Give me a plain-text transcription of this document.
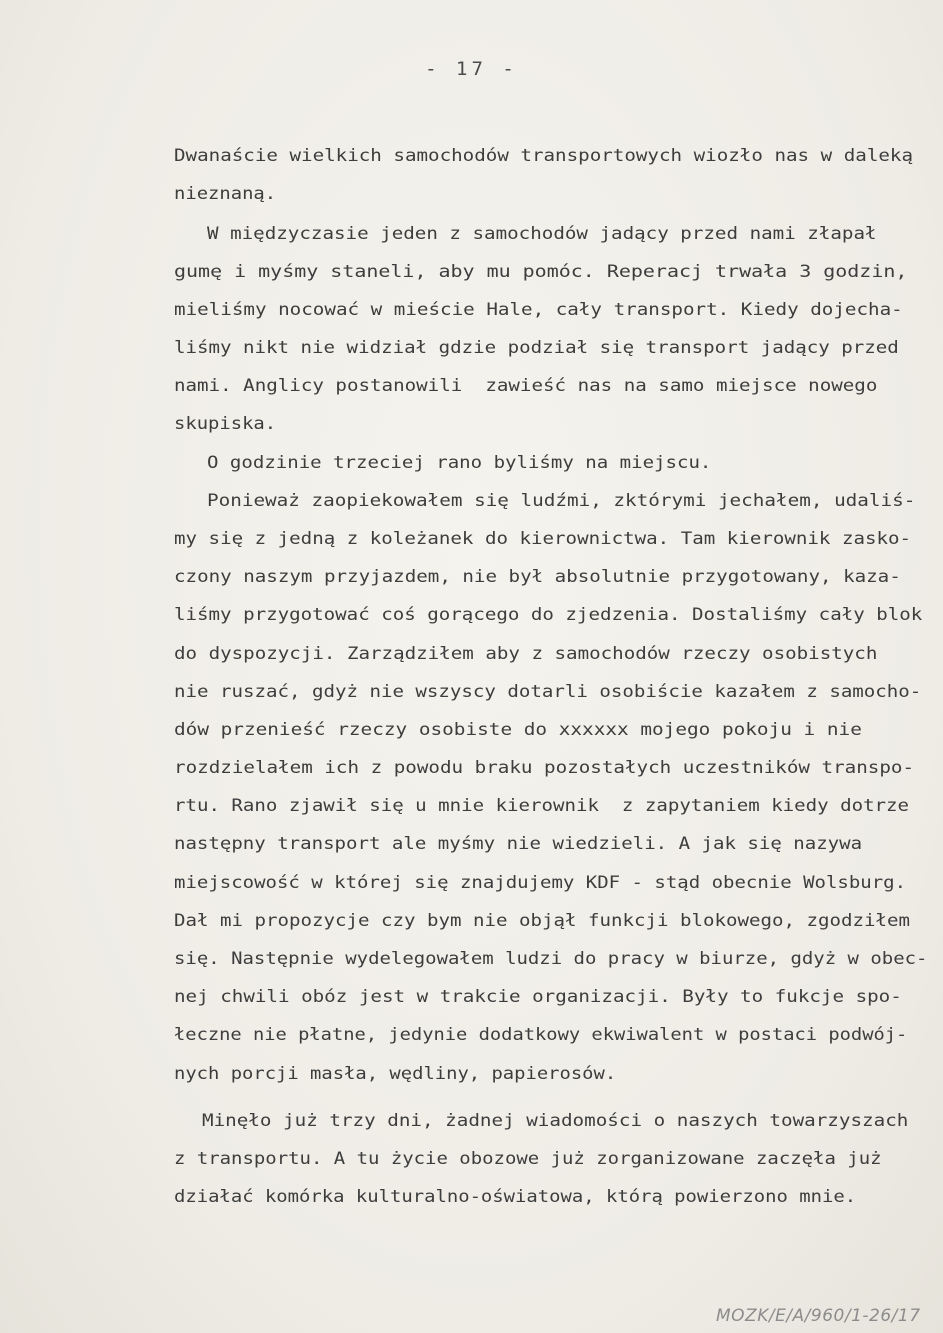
- 17 -
Dwanaście wielkich samochodów transportowych wiozło nas w daleką
nieznaną.
W międzyczasie jeden z samochodów jadący przed nami złapał
gumę i myśmy staneli, aby mu pomóc. Reperacj trwała 3 godzin,
mieliśmy nocować w mieście Hale, cały transport. Kiedy dojecha-
liśmy nikt nie widział gdzie podział się transport jadący przed
nami. Anglicy postanowili  zawieść nas na samo miejsce nowego
skupiska.
O godzinie trzeciej rano byliśmy na miejscu.
Ponieważ zaopiekowałem się ludźmi, zktórymi jechałem, udaliś-
my się z jedną z koleżanek do kierownictwa. Tam kierownik zasko-
czony naszym przyjazdem, nie był absolutnie przygotowany, kaza-
liśmy przygotować coś gorącego do zjedzenia. Dostaliśmy cały blok
do dyspozycji. Zarządziłem aby z samochodów rzeczy osobistych
nie ruszać, gdyż nie wszyscy dotarli osobiście kazałem z samocho-
dów przenieść rzeczy osobiste do xxxxxx mojego pokoju i nie
rozdzielałem ich z powodu braku pozostałych uczestników transpo-
rtu. Rano zjawił się u mnie kierownik  z zapytaniem kiedy dotrze
następny transport ale myśmy nie wiedzieli. A jak się nazywa
miejscowość w której się znajdujemy KDF - stąd obecnie Wolsburg.
Dał mi propozycje czy bym nie objął funkcji blokowego, zgodziłem
się. Następnie wydelegowałem ludzi do pracy w biurze, gdyż w obec-
nej chwili obóz jest w trakcie organizacji. Były to fukcje spo-
łeczne nie płatne, jedynie dodatkowy ekwiwalent w postaci podwój-
nych porcji masła, wędliny, papierosów.
Minęło już trzy dni, żadnej wiadomości o naszych towarzyszach
z transportu. A tu życie obozowe już zorganizowane zaczęła już
działać komórka kulturalno-oświatowa, którą powierzono mnie.
MOZK/E/A/960/1-26/17
